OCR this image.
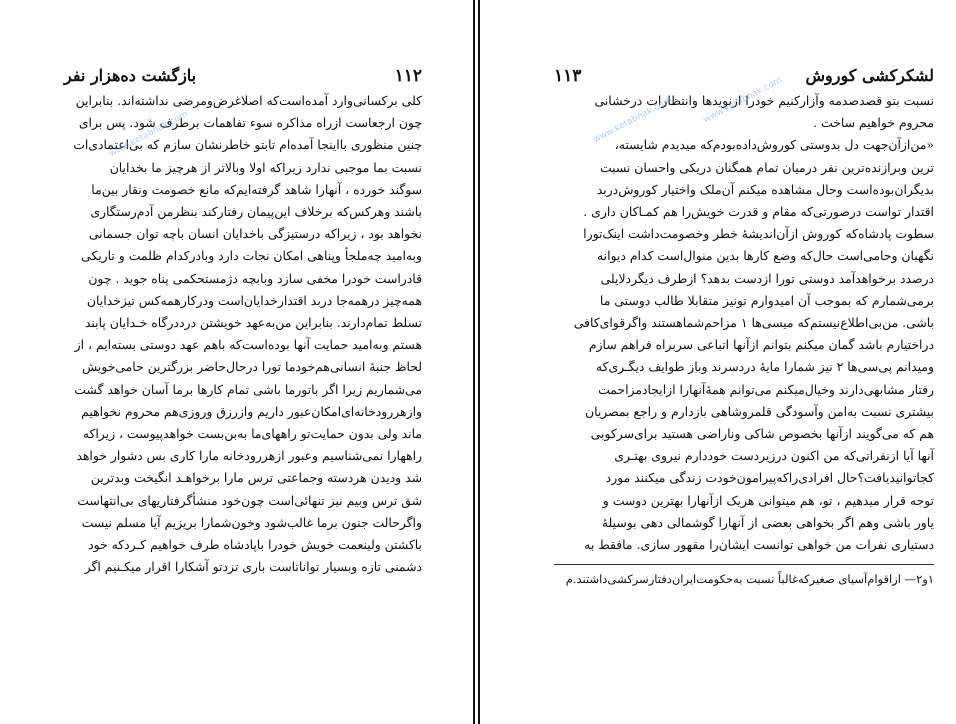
۱۱۲
بازگشت ده‌هزار نفر

کلی برکسانی‌وارد آمده‌است‌که اصلاغرض‌ومرضی نداشته‌اند. بنابراین

چون ارجعاست ازراه مذاکره سوء تفاهمات برطرف شود. پس برای

چنین منظوری بااینجا آمده‌ام تابتو خاطرنشان سازم که بی‌اعتمادی‌ات

نسبت بما موجبی ندارد زیراکه اولا وبالاتر از هرچیز ما بخدایان

سوگند خورده ، آنهارا شاهد گرفته‌ایم‌که مانع خصومت ونقار بین‌ما

باشند وهرکس‌که برخلاف این‌پیمان رفتارکند بنظرمن آدم‌رستگاری

نخواهد بود ، زیراکه درستیزگی باخدایان انسان باچه توان جسمانی

وبه‌امید چه‌ملجأ وپناهی امکان نجات دارد وبادرکدام ظلمت و تاریکی

قادراست خودرا مخفی سازد وبابچه دژمستحکمی پناه جوید . چون

همه‌چیز درهمه‌جا دربد اقتدارخدایان‌است ودرکارهمه‌کس تیزخدایان

تسلط تمام‌دارند. بنابراین من‌به‌عهد خویشتن درددرگاه خـدایان پابند

هستم وبه‌امید حمایت آنها بوده‌است‌که باهم عهد دوستی بسته‌ایم ، از

لحاظ جنبهٔ انسانی‌هم‌خودما تورا درحال‌حاضر بزرگترین حامی‌خویش

می‌شماریم زیرا اگر باتورما باشی تمام کارها برما آسان خواهد گشت

وازهررودخانه‌ای‌امکان‌عبور داریم وازرزق وروزی‌هم محروم نخواهیم

ماند ولی بدون حمایت‌تو راههای‌ما به‌بن‌بست خواهدپیوست ، زیراکه

راههارا نمی‌شناسیم وعبور ازهررودخانه مارا کاری بس دشوار خواهد

شد ودیدن هردسته وجماعتی ترس مارا برخواهـد انگیخت وبدترین

شق ترس وبیم نیز تنهائی‌است چون‌خود منشأگرفتاریهای بی‌انتهاست

واگرحالت جنون برما غالب‌شود وخون‌شمارا بریزیم آیا مسلم نیست

باکشتن ولینعمت خویش خودرا باپادشاه طرف خواهیم کـردکه خود

دشمنی تازه وبسیار تواناتاست باری تزدتو آشکارا اقرار میکـنیم اگر

www.ketabnak.com
لشکرکشی کوروش
۱۱۳

نسبت بتو قصدصدمه وآزارکنیم خودرا ازنویدها وانتظارات درخشانی

محروم خواهیم ساخت .

«من‌ازآن‌جهت دل بدوستی کوروش‌داده‌بودم‌که میدیدم شایسته‌،

ترین وبرازنده‌ترین نفر درمیان تمام همگنان دریکی واحسان نسبت

بدیگران‌بوده‌است وحال مشاهده میکنم آن‌ملک واختیار کوروش‌دربد

اقتدار تواست درصورتی‌که مقام و قدرت خویش‌را هم کمـاکان داری .

سطوت پادشاه‌که کوروش از‌آن‌اندیشهٔ خطر وخصومت‌داشت اینک‌تورا

نگهبان وحامی‌است حال‌که وضع کارها بدین منوال‌است کدام دیوانه

درصدد برخواهدآمد دوستی تورا ازدست بدهد؟ ازطرف دیگردلایلی

برمی‌شمارم که بموجب آن امیدوارم تونیز متقابلا طالب دوستی ما

باشی. من‌بی‌اطلاع‌نیستم‌که میسی‌ها ۱ مزاحم‌شماهستند واگرقوای‌کافی

دراختیارم باشد گمان میکنم بتوانم ازآنها اتباعی سربراه فراهم سازم

ومیدانم پی‌سی‌ها ۲ نیز شمارا مایهٔ دردسرند وباز طوایف دیگـری‌که

رفتار مشابهی‌دارند وخیال‌میکنم می‌توانم همهٔ‌آنهارا ازایجادمزاحمت

بیشتری نسبت به‌امن وآسودگی قلمروشاهی بازدارم و راجع بمصریان

هم که می‌گویند ازآنها بخصوص شاکی وناراضی هستید برای‌سرکوبی

آنها آیا ازنفراتی‌که من اکنون درزیردست خوددارم نیروی بهتـری

کجاتوانیدیافت؟حال افرادی‌راکه‌پیرامون‌خودت زندگی میکنند مورد

توجه قرار میدهیم ، تو، هم میتوانی هریک ازآنهارا بهترین دوست و

یاور باشی وهم اگر بخواهی بعضی از آنهارا گوشمالی دهی بوسیلهٔ

دستیاری نفرات من خواهی توانست ایشان‌را مقهور سازی. مافقط به‌

۱و۲— ازاقوام‌آسیای صغیرکه‌غالباً نسبت به‌حکومت‌ایران‌دفتارسرکشی‌داشتند.م
www.ketabnak.com	www.ketabnak.com
